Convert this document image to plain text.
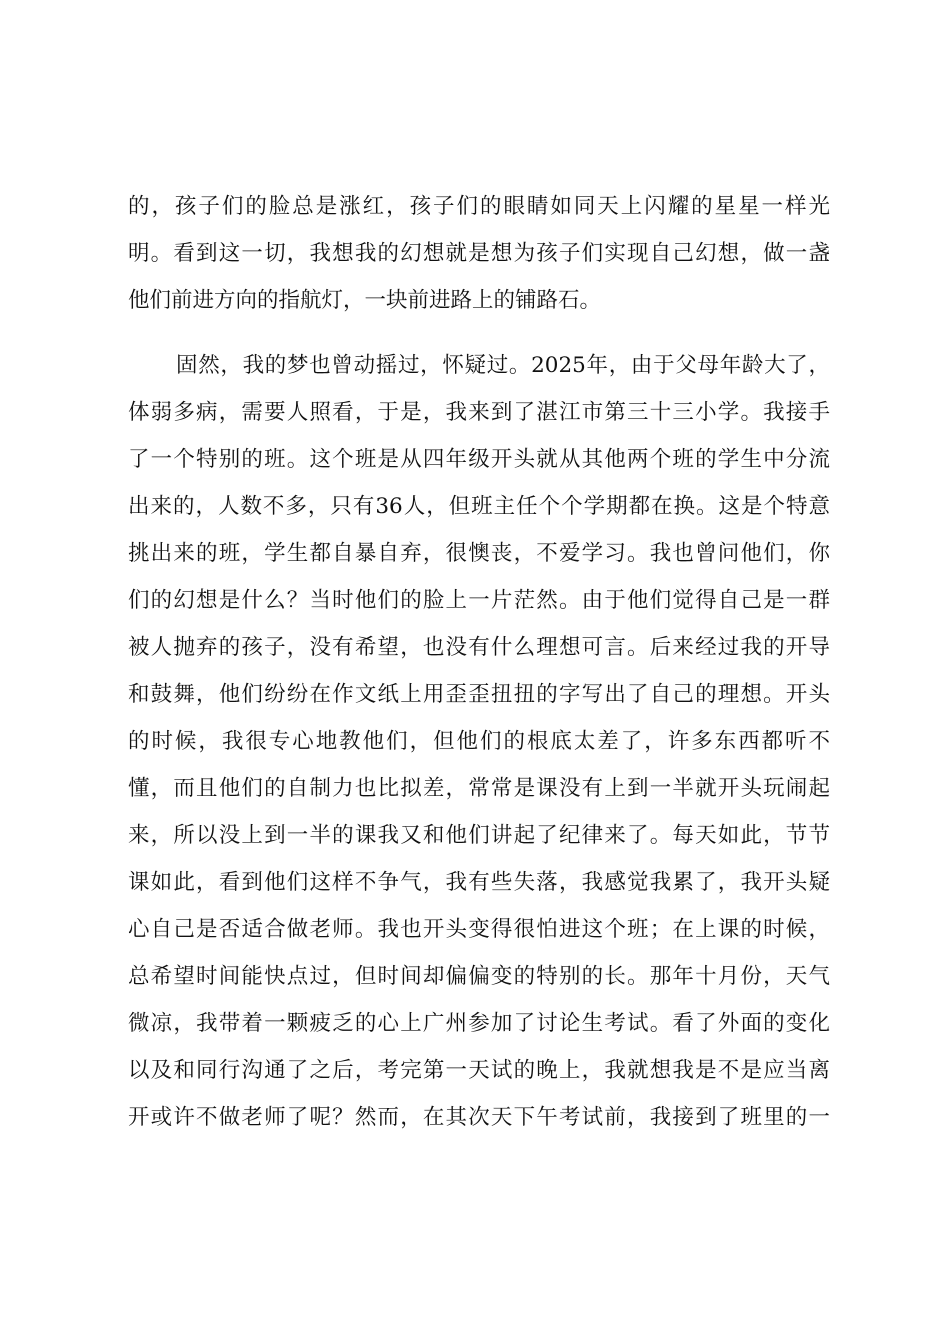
的，孩子们的脸总是涨红，孩子们的眼睛如同天上闪耀的星星一样光
明。看到这一切，我想我的幻想就是想为孩子们实现自己幻想，做一盏
他们前进方向的指航灯，一块前进路上的铺路石。
固然，我的梦也曾动摇过，怀疑过。2025年，由于父母年龄大了，
体弱多病，需要人照看，于是，我来到了湛江市第三十三小学。我接手
了一个特别的班。这个班是从四年级开头就从其他两个班的学生中分流
出来的，人数不多，只有36人，但班主任个个学期都在换。这是个特意
挑出来的班，学生都自暴自弃，很懊丧，不爱学习。我也曾问他们，你
们的幻想是什么？当时他们的脸上一片茫然。由于他们觉得自己是一群
被人抛弃的孩子，没有希望，也没有什么理想可言。后来经过我的开导
和鼓舞，他们纷纷在作文纸上用歪歪扭扭的字写出了自己的理想。开头
的时候，我很专心地教他们，但他们的根底太差了，许多东西都听不
懂，而且他们的自制力也比拟差，常常是课没有上到一半就开头玩闹起
来，所以没上到一半的课我又和他们讲起了纪律来了。每天如此，节节
课如此，看到他们这样不争气，我有些失落，我感觉我累了，我开头疑
心自己是否适合做老师。我也开头变得很怕进这个班；在上课的时候，
总希望时间能快点过，但时间却偏偏变的特别的长。那年十月份，天气
微凉，我带着一颗疲乏的心上广州参加了讨论生考试。看了外面的变化
以及和同行沟通了之后，考完第一天试的晚上，我就想我是不是应当离
开或许不做老师了呢？然而，在其次天下午考试前，我接到了班里的一
